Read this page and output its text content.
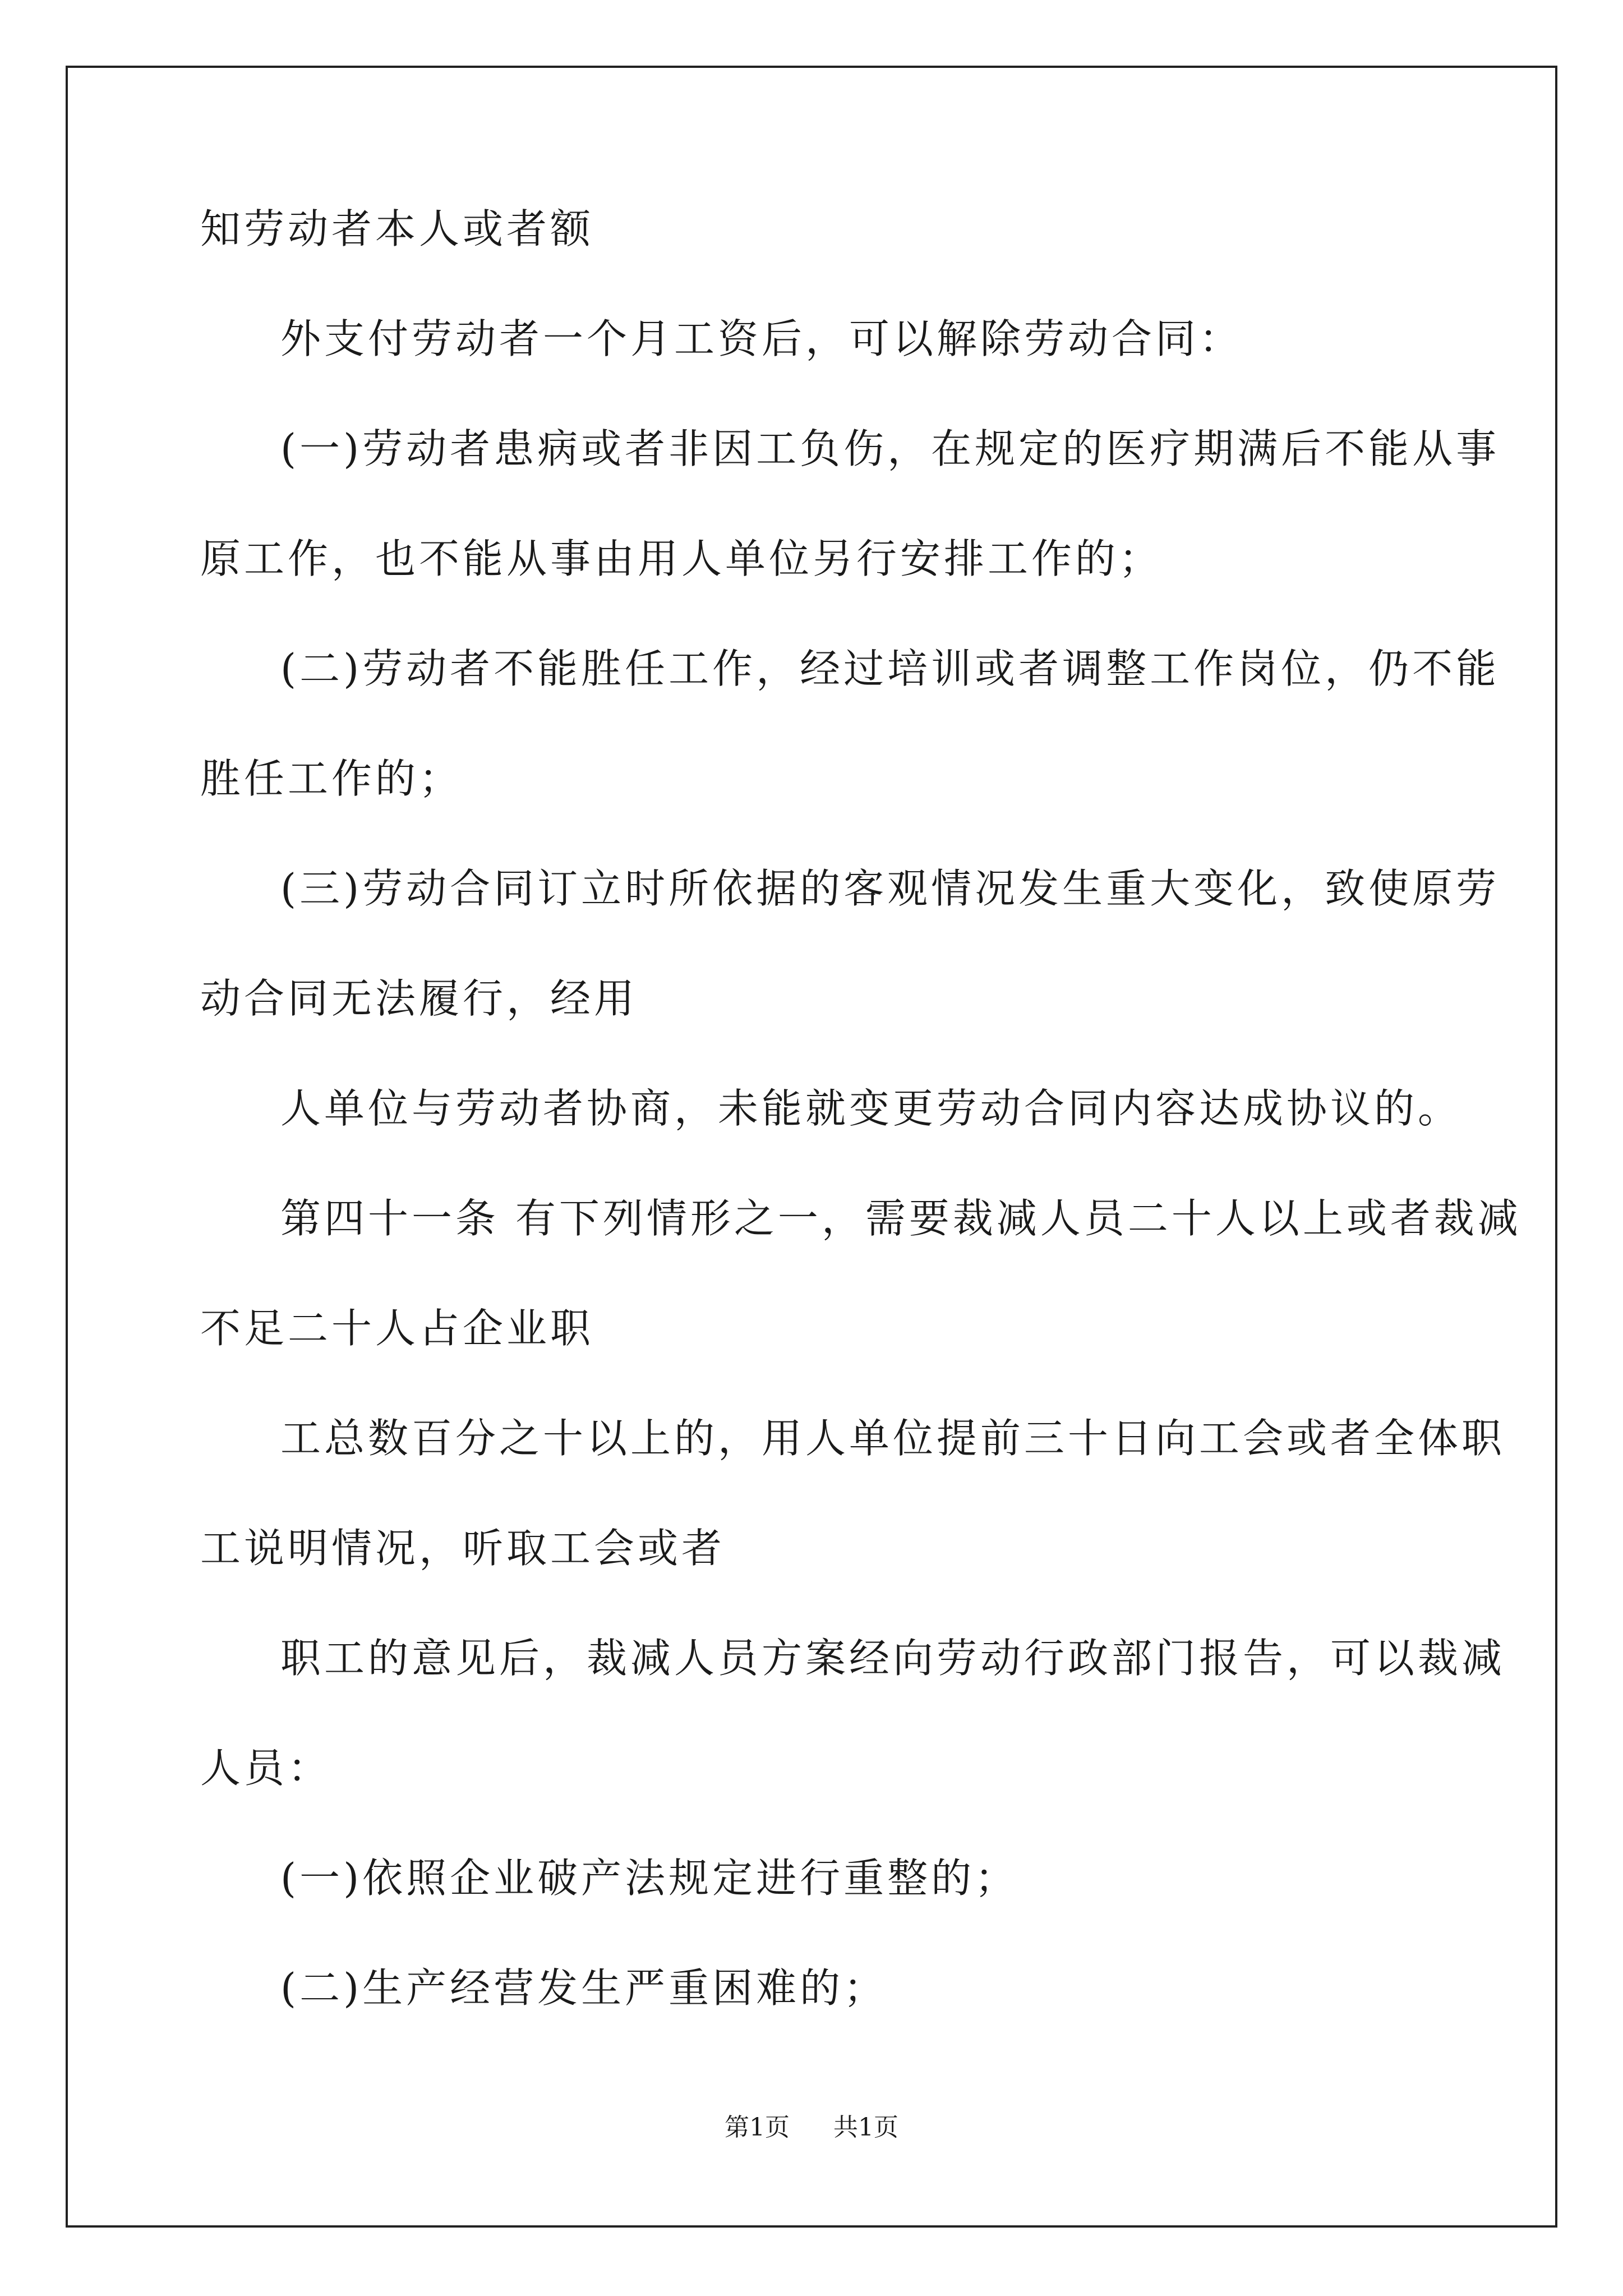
知劳动者本人或者额
外支付劳动者一个月工资后，可以解除劳动合同：
(一)劳动者患病或者非因工负伤，在规定的医疗期满后不能从事
原工作，也不能从事由用人单位另行安排工作的；
(二)劳动者不能胜任工作，经过培训或者调整工作岗位，仍不能
胜任工作的；
(三)劳动合同订立时所依据的客观情况发生重大变化，致使原劳
动合同无法履行，经用
人单位与劳动者协商，未能就变更劳动合同内容达成协议的。
第四十一条 有下列情形之一，需要裁减人员二十人以上或者裁减
不足二十人占企业职
工总数百分之十以上的，用人单位提前三十日向工会或者全体职
工说明情况，听取工会或者
职工的意见后，裁减人员方案经向劳动行政部门报告，可以裁减
人员：
(一)依照企业破产法规定进行重整的；
(二)生产经营发生严重困难的；
第1页 共1页
